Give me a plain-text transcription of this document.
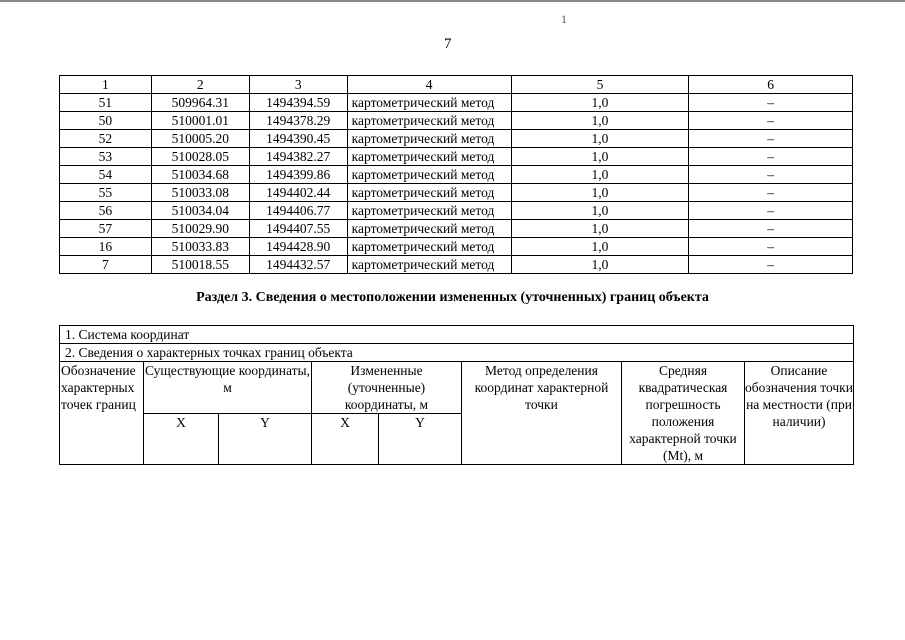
1
7
1	2	3	4	5	6
51	509964.31	1494394.59	картометрический метод	1,0	–
50	510001.01	1494378.29	картометрический метод	1,0	–
52	510005.20	1494390.45	картометрический метод	1,0	–
53	510028.05	1494382.27	картометрический метод	1,0	–
54	510034.68	1494399.86	картометрический метод	1,0	–
55	510033.08	1494402.44	картометрический метод	1,0	–
56	510034.04	1494406.77	картометрический метод	1,0	–
57	510029.90	1494407.55	картометрический метод	1,0	–
16	510033.83	1494428.90	картометрический метод	1,0	–
7	510018.55	1494432.57	картометрический метод	1,0	–
Раздел 3. Сведения о местоположении измененных (уточненных) границ объекта
1. Система координат							
2. Сведения о характерных точках границ объекта							
Обозначение характерных точек границ	Существующие координаты, м		Измененные (уточненные) координаты, м		Метод определения координат характерной точки	Средняя квадратическая погрешность положения характерной точки (Mt), м	Описание обозначения точки на местности (при наличии)
	X	Y	X	Y			
